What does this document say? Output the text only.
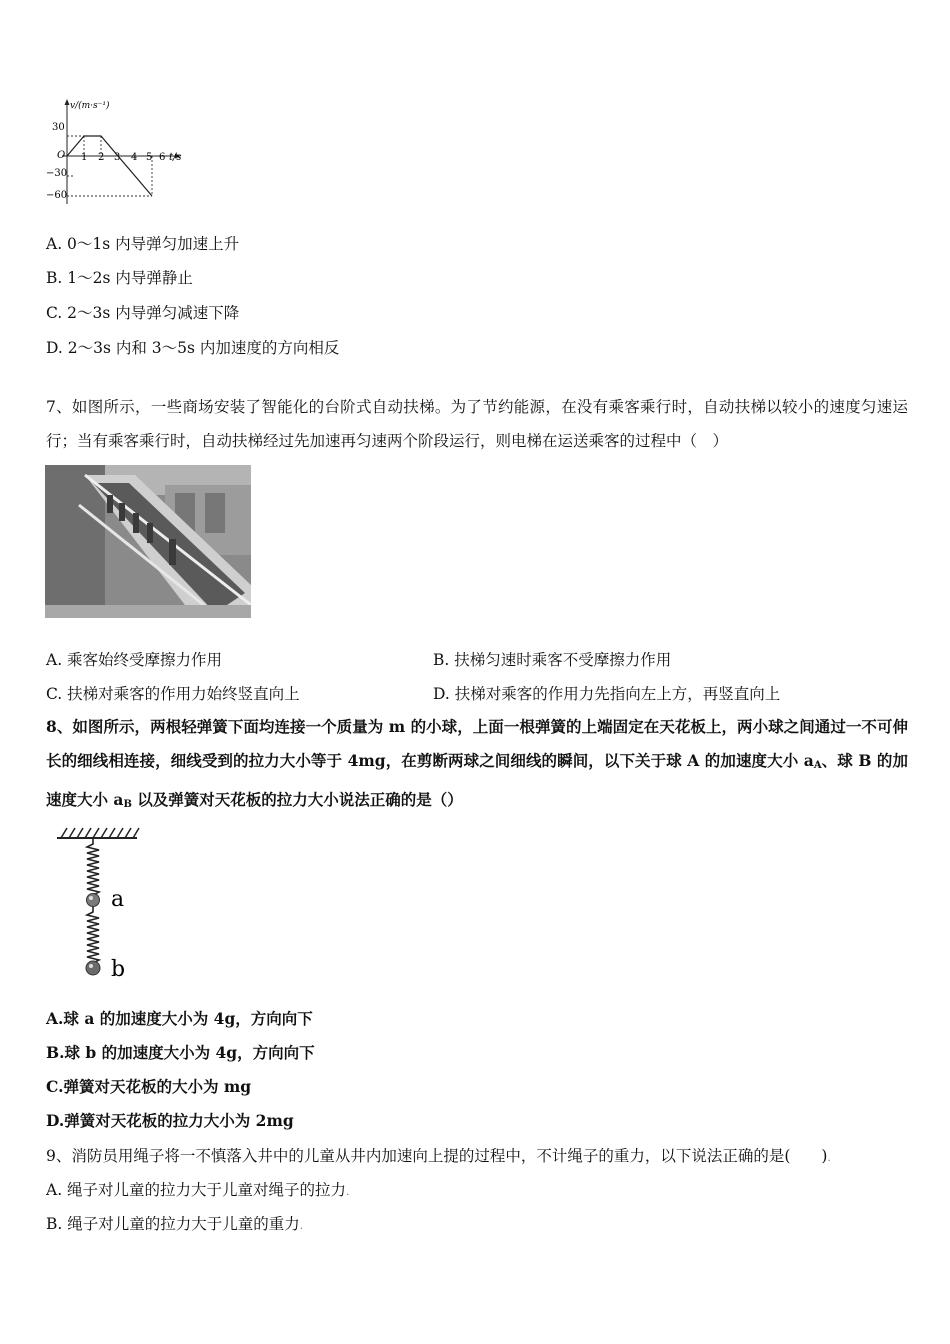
v/(m·s⁻¹)
t/s
O
30
−30
−60
1 2 3 4 5 6
A. 0～1s 内导弹匀加速上升
B. 1～2s 内导弹静止
C. 2～3s 内导弹匀减速下降
D. 2～3s 内和 3～5s 内加速度的方向相反
7、如图所示，一些商场安装了智能化的台阶式自动扶梯。为了节约能源，在没有乘客乘行时，自动扶梯以较小的速度匀速运行；当有乘客乘行时，自动扶梯经过先加速再匀速两个阶段运行，则电梯在运送乘客的过程中（　）
A. 乘客始终受摩擦力作用	B. 扶梯匀速时乘客不受摩擦力作用
C. 扶梯对乘客的作用力始终竖直向上	D. 扶梯对乘客的作用力先指向左上方，再竖直向上
8、如图所示，两根轻弹簧下面均连接一个质量为 m 的小球，上面一根弹簧的上端固定在天花板上，两小球之间通过一不可伸长的细线相连接，细线受到的拉力大小等于 4mg，在剪断两球之间细线的瞬间，以下关于球 A 的加速度大小 $a_A$、球 B 的加速度大小 $a_B$ 以及弹簧对天花板的拉力大小说法正确的是（）
a
b
A.球 a 的加速度大小为 4g，方向向下
B.球 b 的加速度大小为 4g，方向向下
C.弹簧对天花板的大小为 mg
D.弹簧对天花板的拉力大小为 2mg
9、消防员用绳子将一不慎落入井中的儿童从井内加速向上提的过程中，不计绳子的重力，以下说法正确的是(　　).
A. 绳子对儿童的拉力大于儿童对绳子的拉力.
B. 绳子对儿童的拉力大于儿童的重力.
